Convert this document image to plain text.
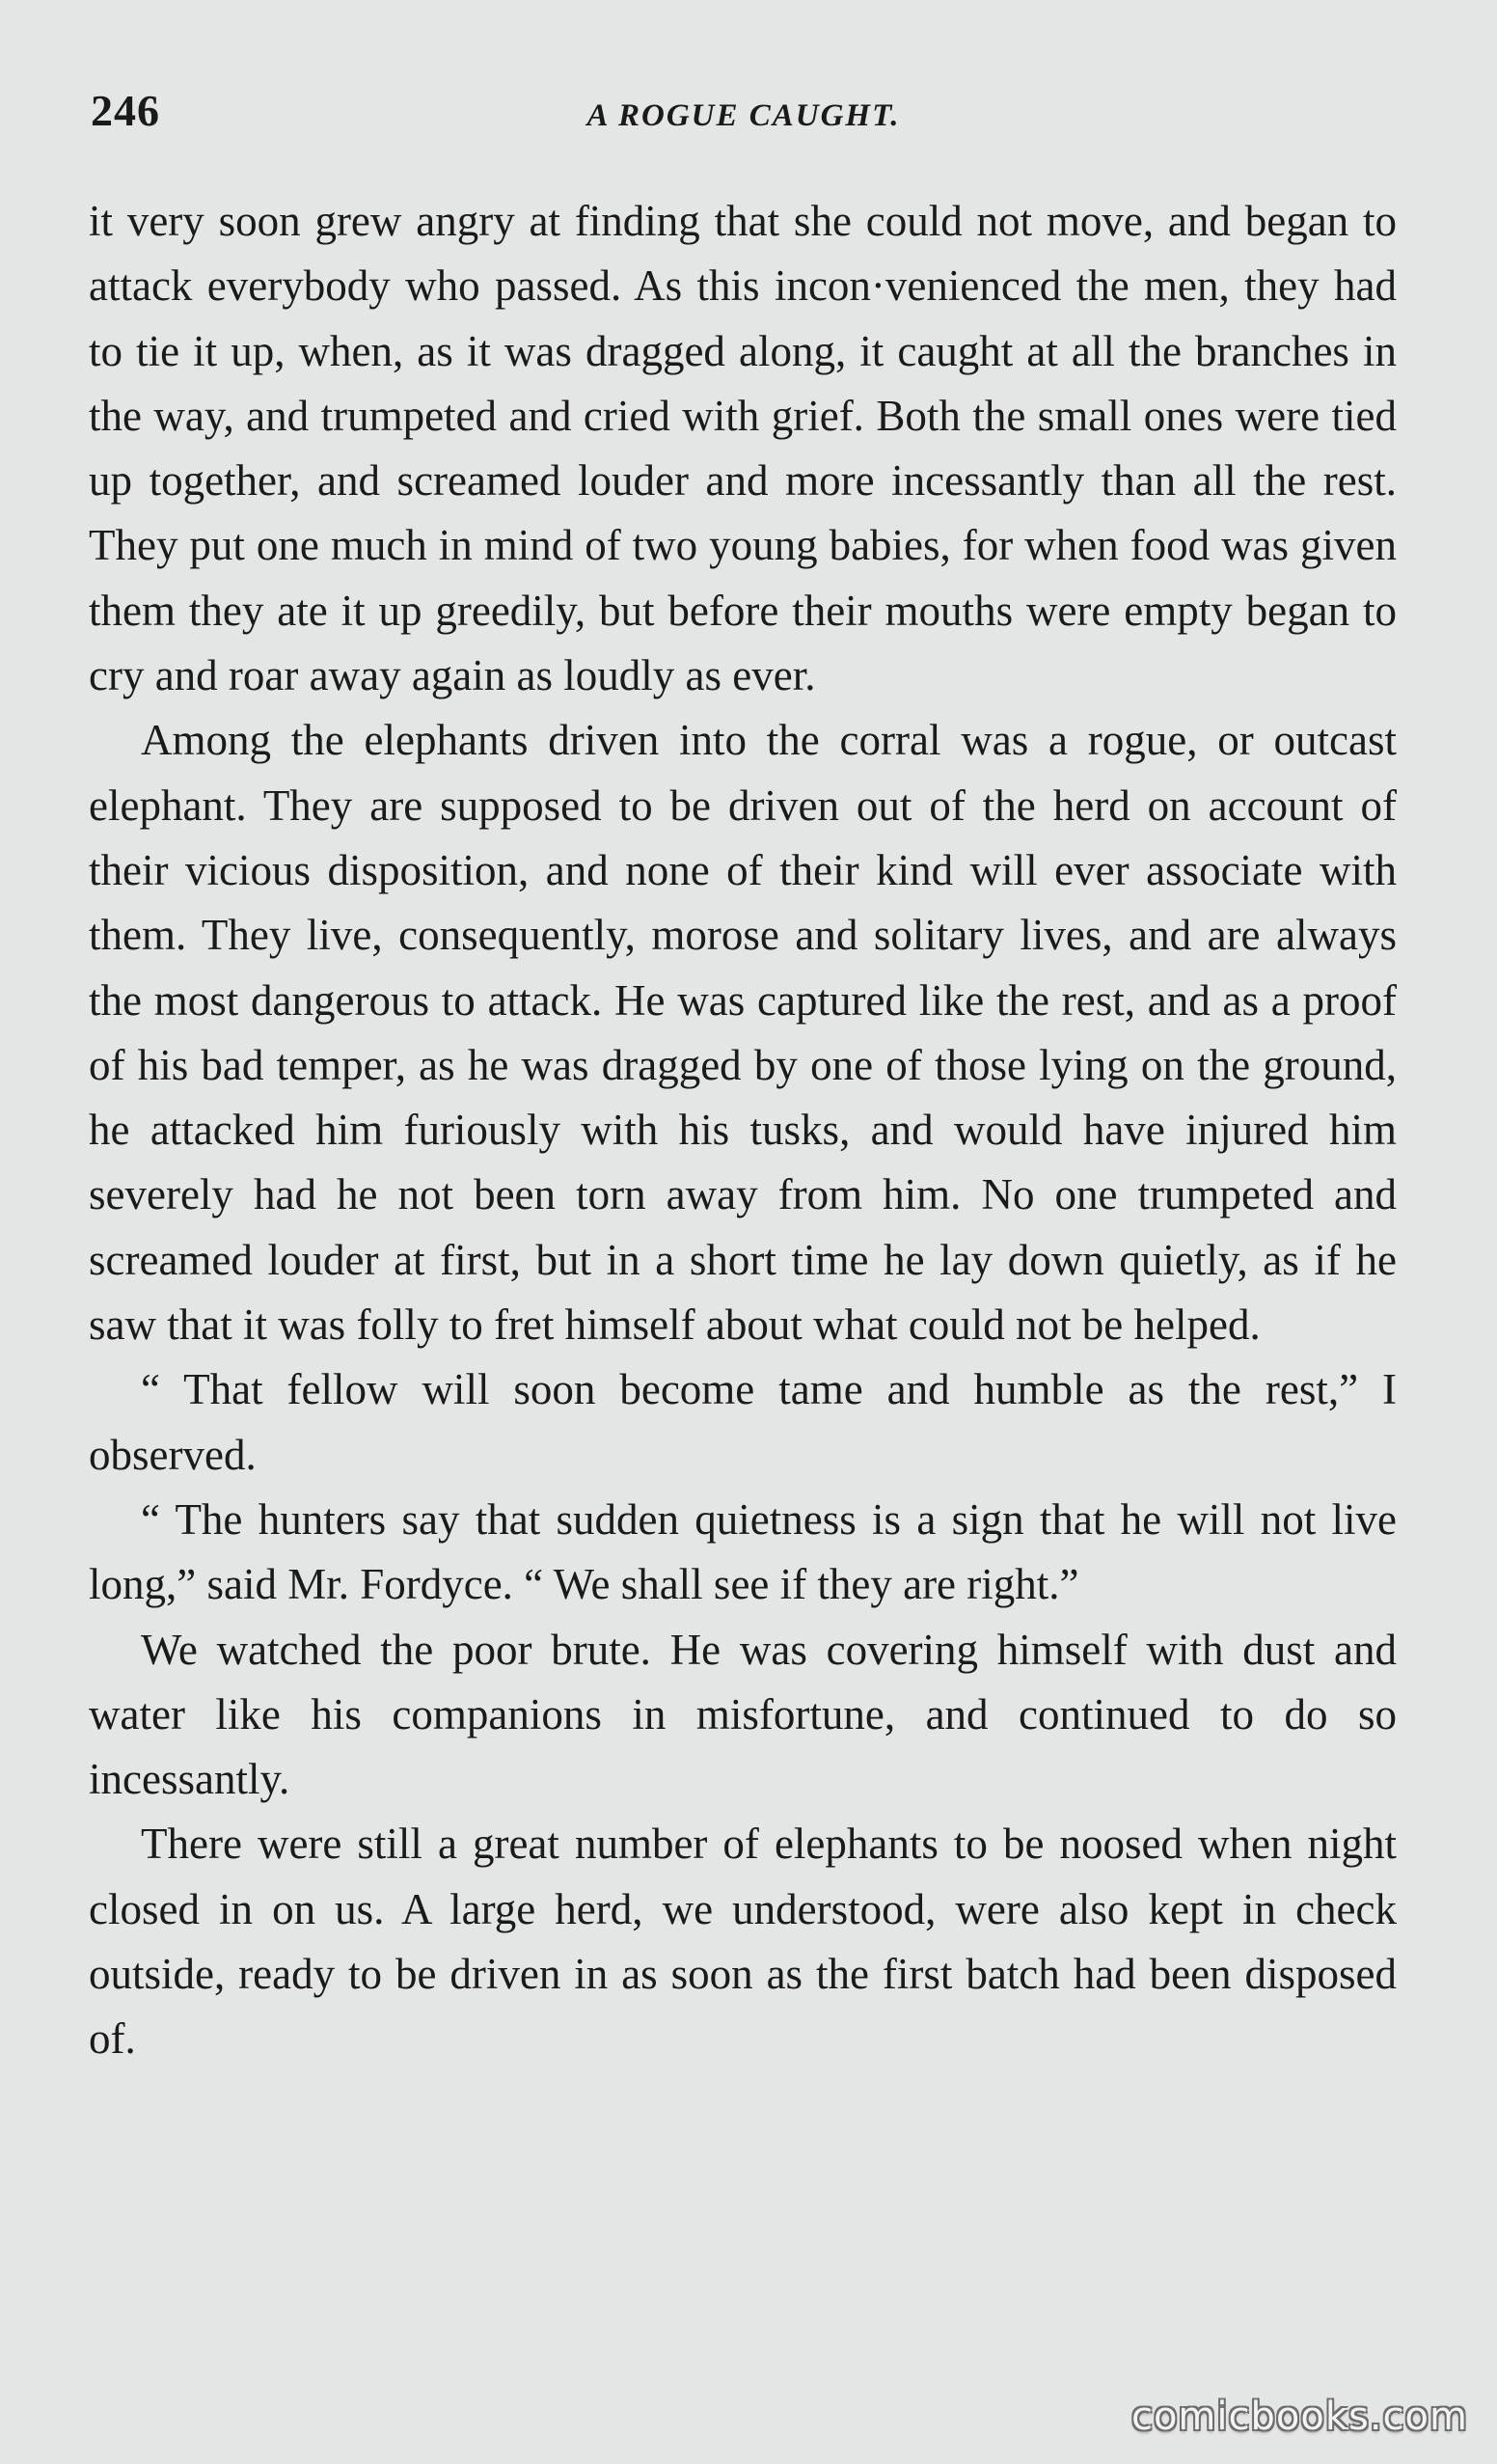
246	A ROGUE CAUGHT.

it very soon grew angry at finding that she could not move, and began to attack everybody who passed. As this incon·venienced the men, they had to tie it up, when, as it was dragged along, it caught at all the branches in the way, and trumpeted and cried with grief. Both the small ones were tied up together, and screamed louder and more incessantly than all the rest. They put one much in mind of two young babies, for when food was given them they ate it up greedily, but before their mouths were empty began to cry and roar away again as loudly as ever.

Among the elephants driven into the corral was a rogue, or outcast elephant. They are supposed to be driven out of the herd on account of their vicious disposition, and none of their kind will ever associate with them. They live, consequently, morose and solitary lives, and are always the most dangerous to attack. He was captured like the rest, and as a proof of his bad temper, as he was dragged by one of those lying on the ground, he attacked him furiously with his tusks, and would have injured him severely had he not been torn away from him. No one trumpeted and screamed louder at first, but in a short time he lay down quietly, as if he saw that it was folly to fret himself about what could not be helped.

“ That fellow will soon become tame and humble as the rest,” I observed.

“ The hunters say that sudden quietness is a sign that he will not live long,” said Mr. Fordyce. “ We shall see if they are right.”

We watched the poor brute. He was covering himself with dust and water like his companions in misfortune, and continued to do so incessantly.

There were still a great number of elephants to be noosed when night closed in on us. A large herd, we understood, were also kept in check outside, ready to be driven in as soon as the first batch had been disposed of.

comicbooks.com
